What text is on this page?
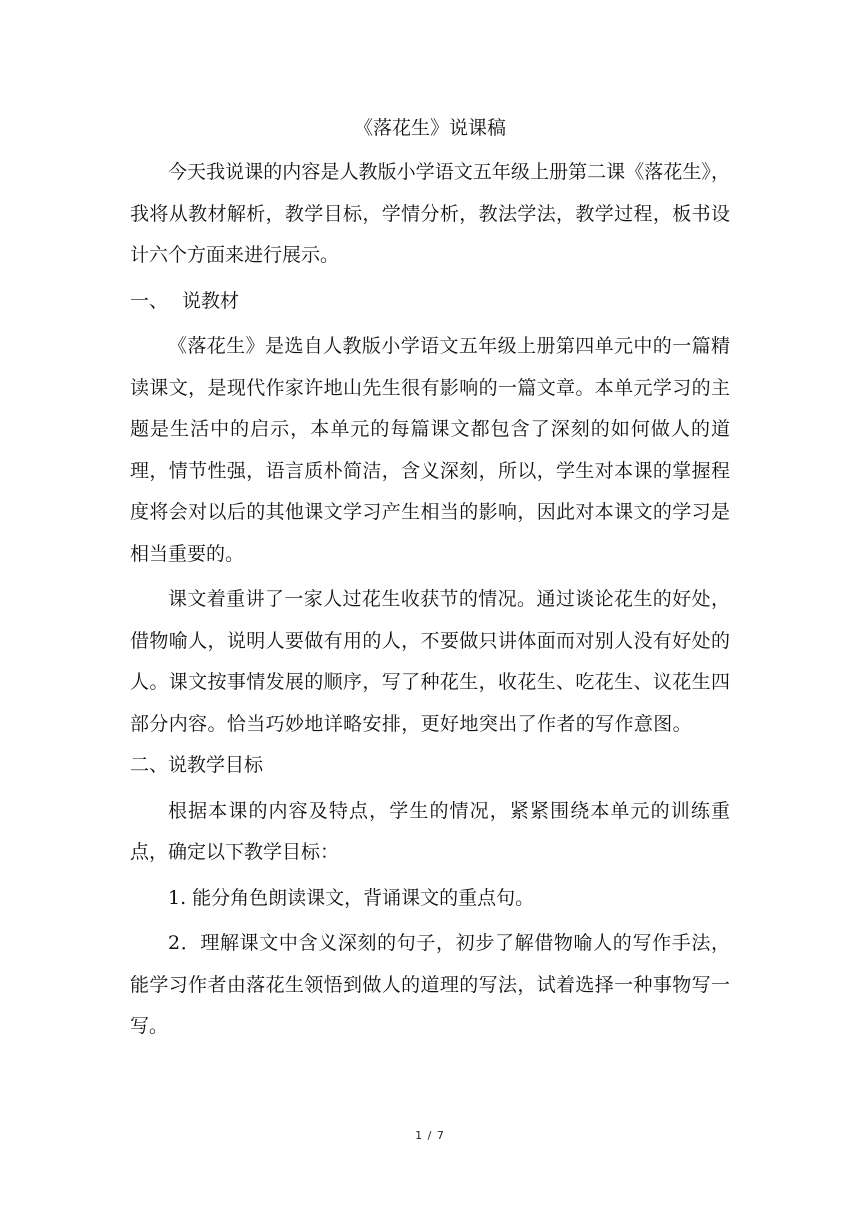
《落花生》说课稿
今天我说课的内容是人教版小学语文五年级上册第二课《落花生》，我将从教材解析，教学目标，学情分析，教法学法，教学过程，板书设计六个方面来进行展示。
一、 说教材
《落花生》是选自人教版小学语文五年级上册第四单元中的一篇精读课文，是现代作家许地山先生很有影响的一篇文章。本单元学习的主题是生活中的启示，本单元的每篇课文都包含了深刻的如何做人的道理，情节性强，语言质朴简洁，含义深刻，所以，学生对本课的掌握程度将会对以后的其他课文学习产生相当的影响，因此对本课文的学习是相当重要的。
课文着重讲了一家人过花生收获节的情况。通过谈论花生的好处，借物喻人，说明人要做有用的人，不要做只讲体面而对别人没有好处的人。课文按事情发展的顺序，写了种花生，收花生、吃花生、议花生四部分内容。恰当巧妙地详略安排，更好地突出了作者的写作意图。二、说教学目标
根据本课的内容及特点，学生的情况，紧紧围绕本单元的训练重点，确定以下教学目标：
1. 能分角色朗读课文，背诵课文的重点句。
2．理解课文中含义深刻的句子，初步了解借物喻人的写作手法，能学习作者由落花生领悟到做人的道理的写法，试着选择一种事物写一写。
1 / 7
